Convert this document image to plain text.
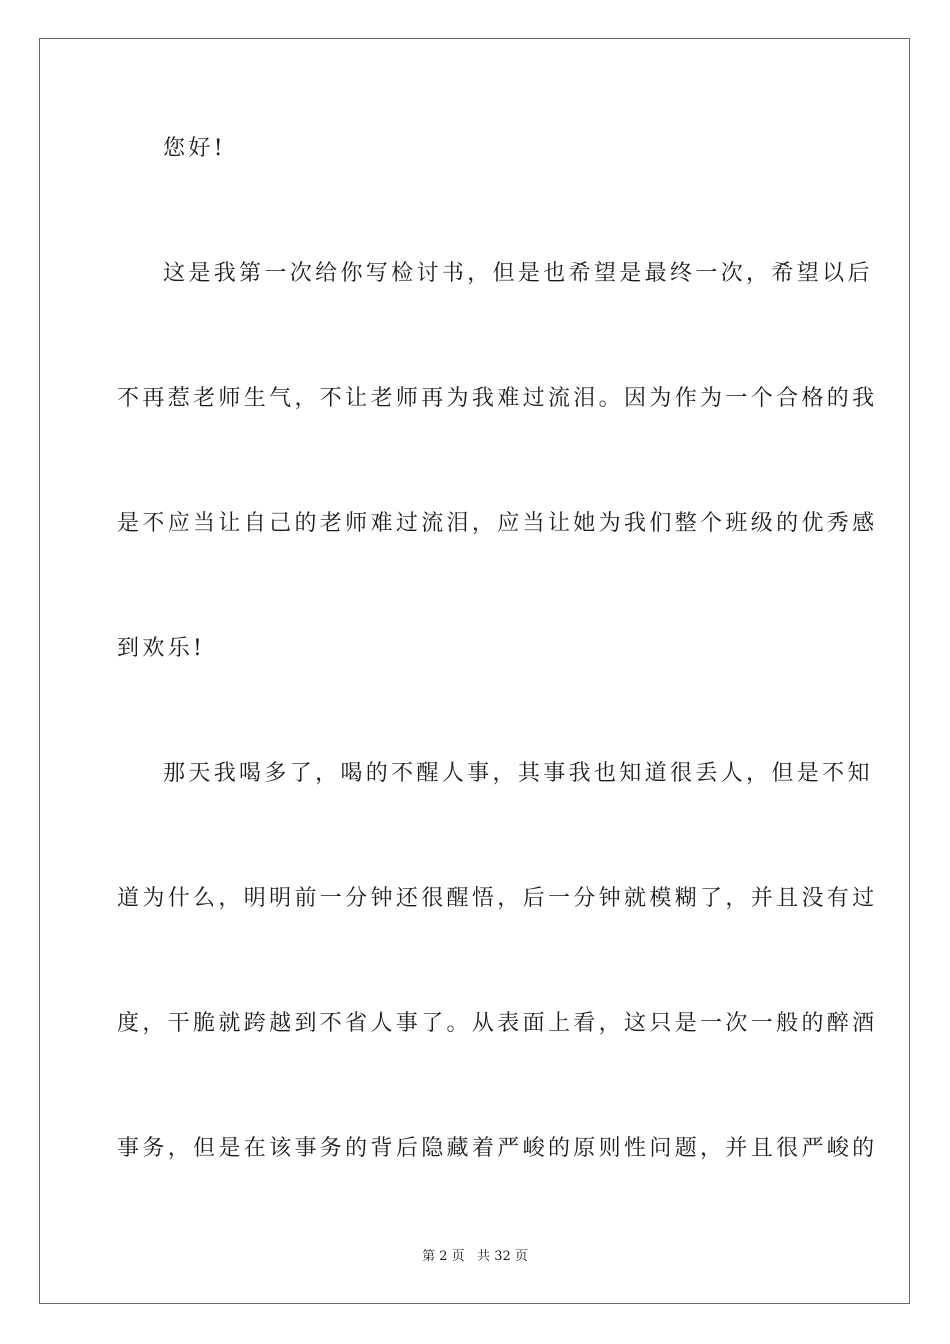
您好!
这是我第一次给你写检讨书，但是也希望是最终一次，希望以后
不再惹老师生气，不让老师再为我难过流泪。因为作为一个合格的我
是不应当让自己的老师难过流泪，应当让她为我们整个班级的优秀感
到欢乐!
那天我喝多了，喝的不醒人事，其事我也知道很丢人，但是不知
道为什么，明明前一分钟还很醒悟，后一分钟就模糊了，并且没有过
度，干脆就跨越到不省人事了。从表面上看，这只是一次一般的醉酒
事务，但是在该事务的背后隐藏着严峻的原则性问题，并且很严峻的
第 2 页   共 32 页
